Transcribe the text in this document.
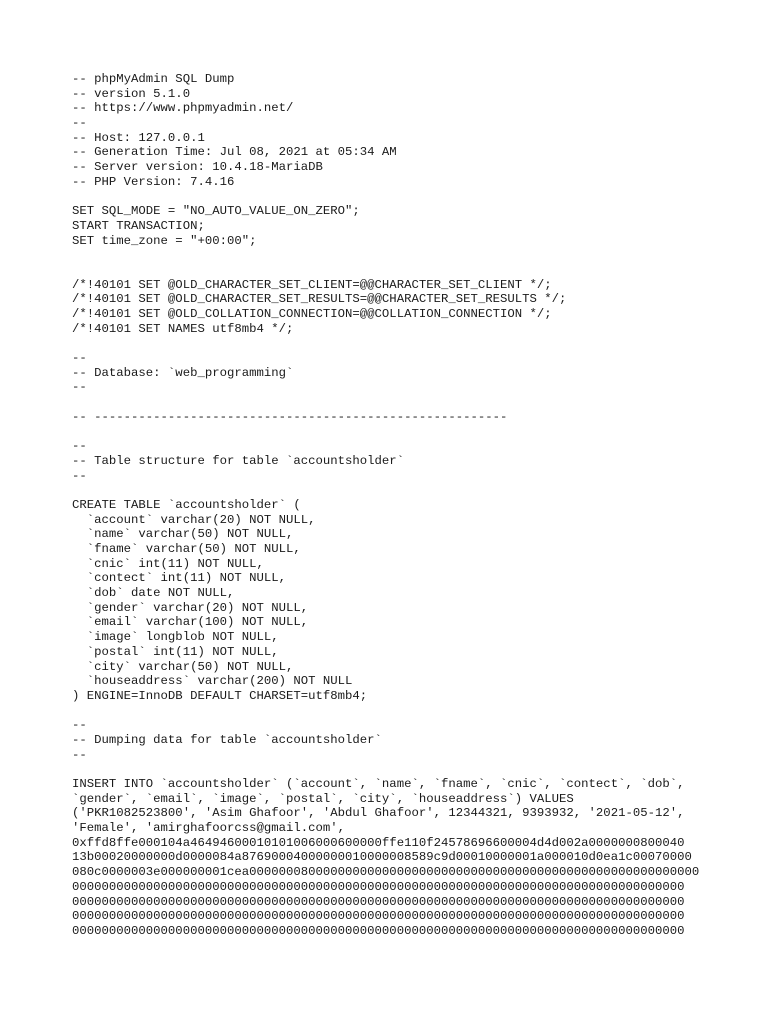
-- phpMyAdmin SQL Dump
-- version 5.1.0
-- https://www.phpmyadmin.net/
--
-- Host: 127.0.0.1
-- Generation Time: Jul 08, 2021 at 05:34 AM
-- Server version: 10.4.18-MariaDB
-- PHP Version: 7.4.16
SET SQL_MODE = "NO_AUTO_VALUE_ON_ZERO";
START TRANSACTION;
SET time_zone = "+00:00";
/*!40101 SET @OLD_CHARACTER_SET_CLIENT=@@CHARACTER_SET_CLIENT */;
/*!40101 SET @OLD_CHARACTER_SET_RESULTS=@@CHARACTER_SET_RESULTS */;
/*!40101 SET @OLD_COLLATION_CONNECTION=@@COLLATION_CONNECTION */;
/*!40101 SET NAMES utf8mb4 */;
--
-- Database: `web_programming`
--
-- --------------------------------------------------------
--
-- Table structure for table `accountsholder`
--
CREATE TABLE `accountsholder` (
`account` varchar(20) NOT NULL,
`name` varchar(50) NOT NULL,
`fname` varchar(50) NOT NULL,
`cnic` int(11) NOT NULL,
`contect` int(11) NOT NULL,
`dob` date NOT NULL,
`gender` varchar(20) NOT NULL,
`email` varchar(100) NOT NULL,
`image` longblob NOT NULL,
`postal` int(11) NOT NULL,
`city` varchar(50) NOT NULL,
`houseaddress` varchar(200) NOT NULL
) ENGINE=InnoDB DEFAULT CHARSET=utf8mb4;
--
-- Dumping data for table `accountsholder`
--
INSERT INTO `accountsholder` (`account`, `name`, `fname`, `cnic`, `contect`, `dob`,
`gender`, `email`, `image`, `postal`, `city`, `houseaddress`) VALUES
('PKR1082523800', 'Asim Ghafoor', 'Abdul Ghafoor', 12344321, 9393932, '2021-05-12',
'Female', 'amirghafoorcss@gmail.com',
0xffd8ffe000104a46494600010101006000600000ffe110f24578696600004d4d002a0000000800040
13b00020000000d0000084a87690004000000010000008589c9d00010000001a000010d0ea1c00070000
080c0000003e000000001cea0000000800000000000000000000000000000000000000000000000000000
00000000000000000000000000000000000000000000000000000000000000000000000000000000000
00000000000000000000000000000000000000000000000000000000000000000000000000000000000
00000000000000000000000000000000000000000000000000000000000000000000000000000000000
00000000000000000000000000000000000000000000000000000000000000000000000000000000000
